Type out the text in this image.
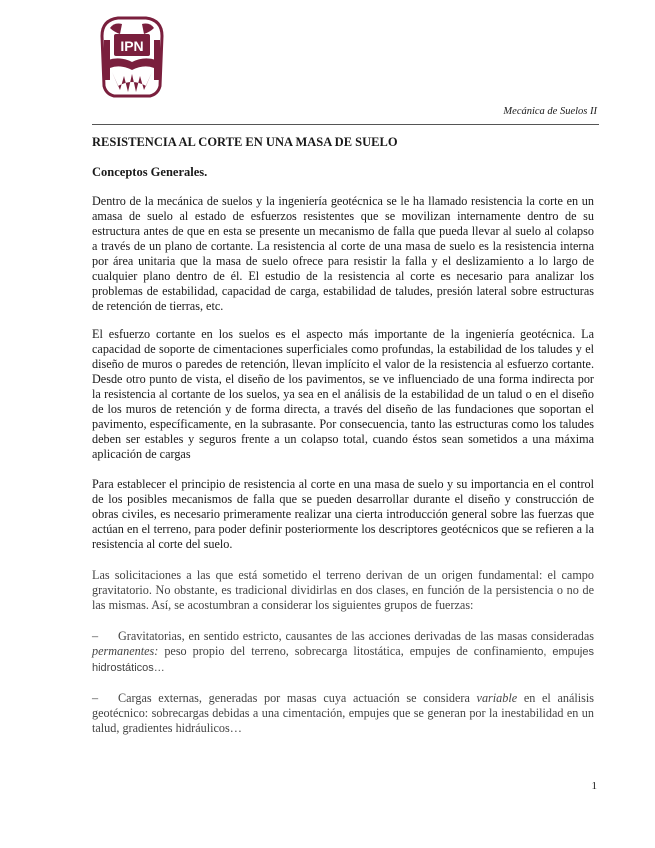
IPN
Mecánica de Suelos II
RESISTENCIA AL CORTE EN UNA MASA DE SUELO
Conceptos Generales.

Dentro de la mecánica de suelos y la ingeniería geotécnica se le ha llamado resistencia la corte en un amasa de suelo al estado de esfuerzos resistentes que se movilizan internamente dentro de su estructura antes de que en esta se presente un mecanismo de falla que pueda llevar al suelo al colapso a través de un plano de cortante. La resistencia al corte de una masa de suelo es la resistencia interna por área unitaria que la masa de suelo ofrece para resistir la falla y el deslizamiento a lo largo de cualquier plano dentro de él. El estudio de la resistencia al corte es necesario para analizar los problemas de estabilidad, capacidad de carga, estabilidad de taludes, presión lateral sobre estructuras de retención de tierras, etc.

El esfuerzo cortante en los suelos es el aspecto más importante de la ingeniería geotécnica. La capacidad de soporte de cimentaciones superficiales como profundas, la estabilidad de los taludes y el diseño de muros o paredes de retención, llevan implícito el valor de la resistencia al esfuerzo cortante. Desde otro punto de vista, el diseño de los pavimentos, se ve influenciado de una forma indirecta por la resistencia al cortante de los suelos, ya sea en el análisis de la estabilidad de un talud o en el diseño de los muros de retención y de forma directa, a través del diseño de las fundaciones que soportan el pavimento, específicamente, en la subrasante. Por consecuencia, tanto las estructuras como los taludes deben ser estables y seguros frente a un colapso total, cuando éstos sean sometidos a una máxima aplicación de cargas

Para establecer el principio de resistencia al corte en una masa de suelo y su importancia en el control de los posibles mecanismos de falla que se pueden desarrollar durante el diseño y construcción de obras civiles, es necesario primeramente realizar una cierta introducción general sobre las fuerzas que actúan en el terreno, para poder definir posteriormente los descriptores geotécnicos que se refieren a la resistencia al corte del suelo.

Las solicitaciones a las que está sometido el terreno derivan de un origen fundamental: el campo gravitatorio. No obstante, es tradicional dividirlas en dos clases, en función de la persistencia o no de las mismas. Así, se acostumbran a considerar los siguientes grupos de fuerzas:

– Gravitatorias, en sentido estricto, causantes de las acciones derivadas de las masas consideradas permanentes: peso propio del terreno, sobrecarga litostática, empujes de confinamiento, empujes hidrostáticos…

– Cargas externas, generadas por masas cuya actuación se considera variable en el análisis geotécnico: sobrecargas debidas a una cimentación, empujes que se generan por la inestabilidad en un talud, gradientes hidráulicos…

1
